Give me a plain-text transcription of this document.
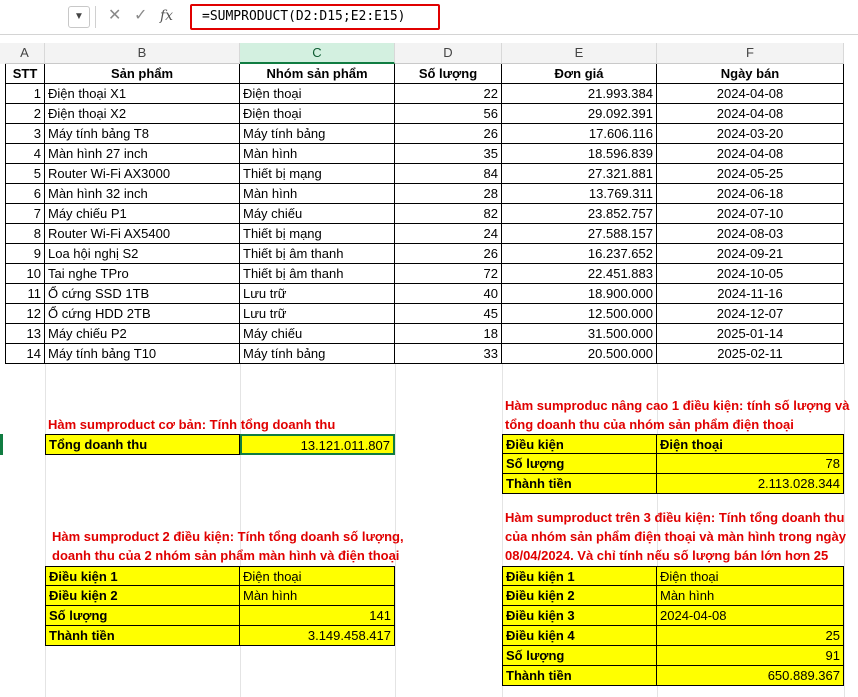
▼	✕ ✓ fx	=SUMPRODUCT(D2:D15;E2:E15)
A	B	C	D	E	F
STT	Sản phẩm	Nhóm sản phẩm	Số lượng	Đơn giá	Ngày bán
1 Điện thoại X1	Điện thoại	22	21.993.384	2024-04-08
2 Điện thoại X2	Điện thoại	56	29.092.391	2024-04-08
3 Máy tính bảng T8	Máy tính bảng	26	17.606.116	2024-03-20
4 Màn hình 27 inch	Màn hình	35	18.596.839	2024-04-08
5 Router Wi-Fi AX3000	Thiết bị mạng	84	27.321.881	2024-05-25
6 Màn hình 32 inch	Màn hình	28	13.769.311	2024-06-18
7 Máy chiếu P1	Máy chiếu	82	23.852.757	2024-07-10
8 Router Wi-Fi AX5400	Thiết bị mạng	24	27.588.157	2024-08-03
9 Loa hội nghị S2	Thiết bị âm thanh	26	16.237.652	2024-09-21
10 Tai nghe TPro	Thiết bị âm thanh	72	22.451.883	2024-10-05
11 Ổ cứng SSD 1TB	Lưu trữ	40	18.900.000	2024-11-16
12 Ổ cứng HDD 2TB	Lưu trữ	45	12.500.000	2024-12-07
13 Máy chiếu P2	Máy chiếu	18	31.500.000	2025-01-14
14 Máy tính bảng T10	Máy tính bảng	33	20.500.000	2025-02-11
Hàm sumproduct cơ bản: Tính tổng doanh thu
Tổng doanh thu	13.121.011.807
Hàm sumproduc nâng cao 1 điều kiện: tính số lượng và
tổng doanh thu của nhóm sản phẩm điện thoại
Điều kiện	Điện thoại
Số lượng	78
Thành tiền	2.113.028.344
Hàm sumproduct 2 điều kiện: Tính tổng doanh số lượng,
doanh thu của 2 nhóm sản phẩm màn hình và điện thoại
Điều kiện 1	Điện thoại
Điều kiện 2	Màn hình
Số lượng	141
Thành tiền	3.149.458.417
Hàm sumproduct trên 3 điều kiện: Tính tổng doanh thu
của nhóm sản phẩm điện thoại và màn hình trong ngày
08/04/2024. Và chỉ tính nếu số lượng bán lớn hơn 25
Điều kiện 1	Điện thoại
Điều kiện 2	Màn hình
Điều kiện 3	2024-04-08
Điều kiện 4	25
Số lượng	91
Thành tiền	650.889.367
